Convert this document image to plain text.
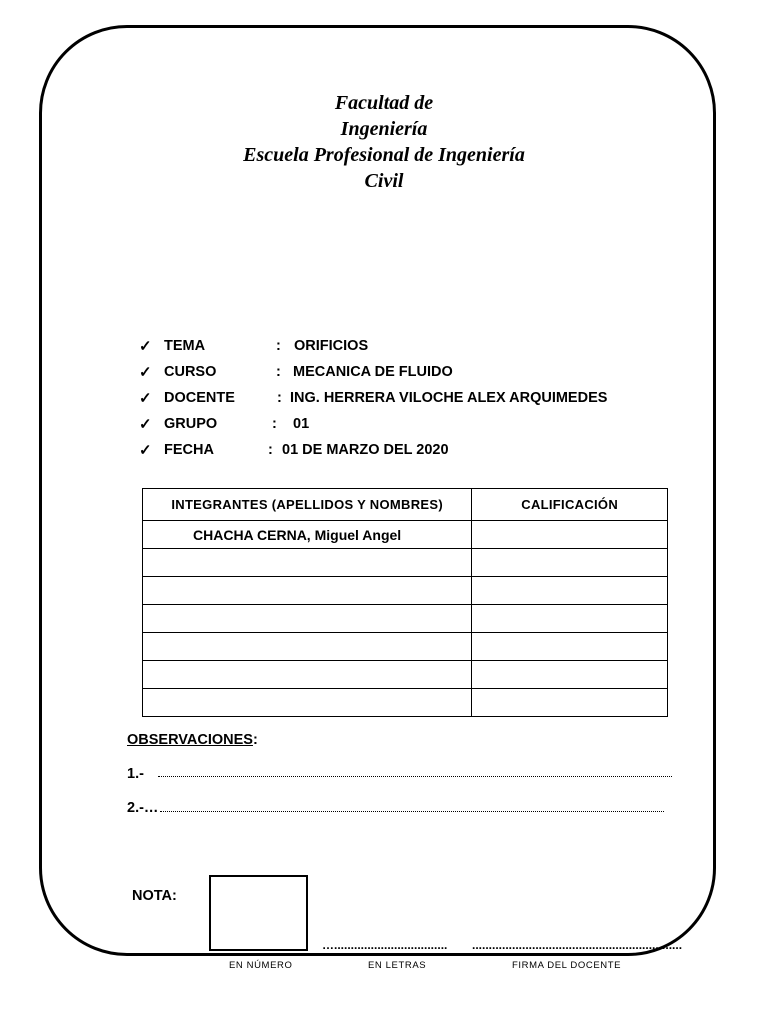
Facultad de
Ingeniería
Escuela Profesional de Ingeniería
Civil
✓ TEMA	: ORIFICIOS
✓ CURSO	: MECANICA DE FLUIDO
✓ DOCENTE	: ING. HERRERA VILOCHE ALEX ARQUIMEDES
✓ GRUPO	: 01
✓ FECHA	: 01 DE MARZO DEL 2020
INTEGRANTES (APELLIDOS Y NOMBRES)	CALIFICACIÓN
CHACHA CERNA, Miguel Angel	

OBSERVACIONES:
1.-
2.-…
NOTA:
…..................................	...............................................................
EN NÚMERO	EN LETRAS	FIRMA DEL DOCENTE
